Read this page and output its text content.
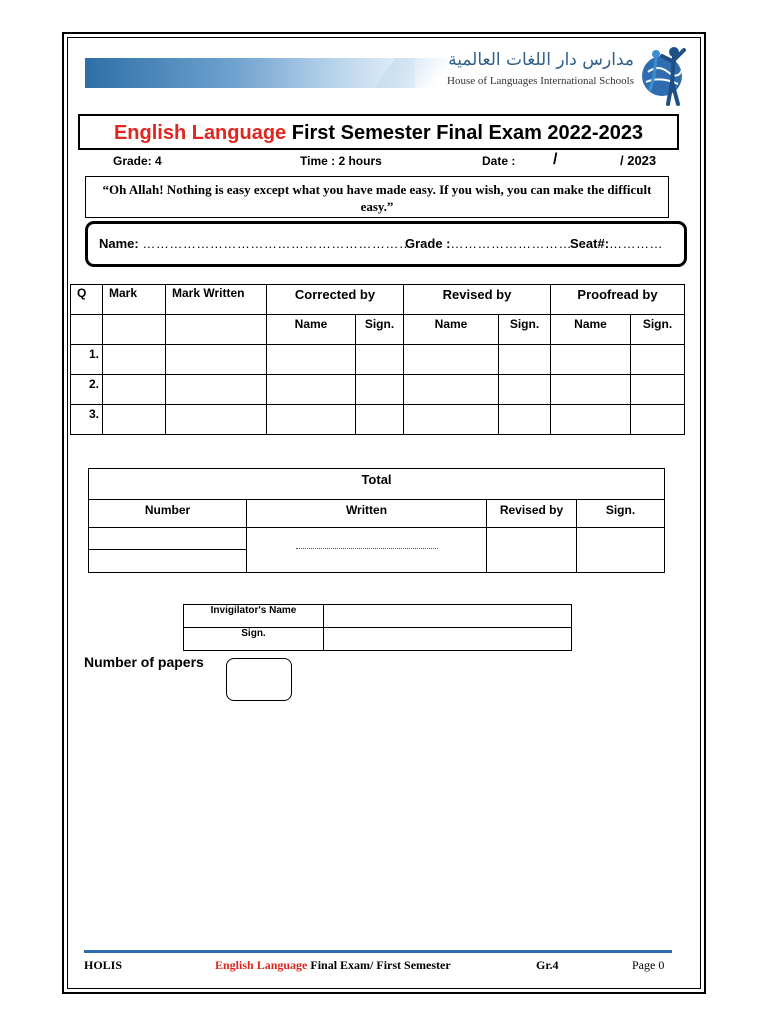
مدارس دار اللغات العالمية
House of Languages International Schools
English Language First Semester Final Exam 2022-2023
Grade: 4	Time : 2 hours	Date : /	/ 2023
“Oh Allah! Nothing is easy except what you have made easy. If you wish, you can make the difficult easy.”
Name: ……………………………………………………
Grade :………………………
Seat#:…………
Q	Mark	Mark Written	Corrected by		Revised by		Proofread by	
			Name	Sign.	Name	Sign.	Name	Sign.
1.								
2.								
3.								
Total			
Number	Written	Revised by	Sign.

Invigilator's Name	
Sign.	
Number of papers
HOLIS	English Language Final Exam/ First Semester	Gr.4	Page 0
